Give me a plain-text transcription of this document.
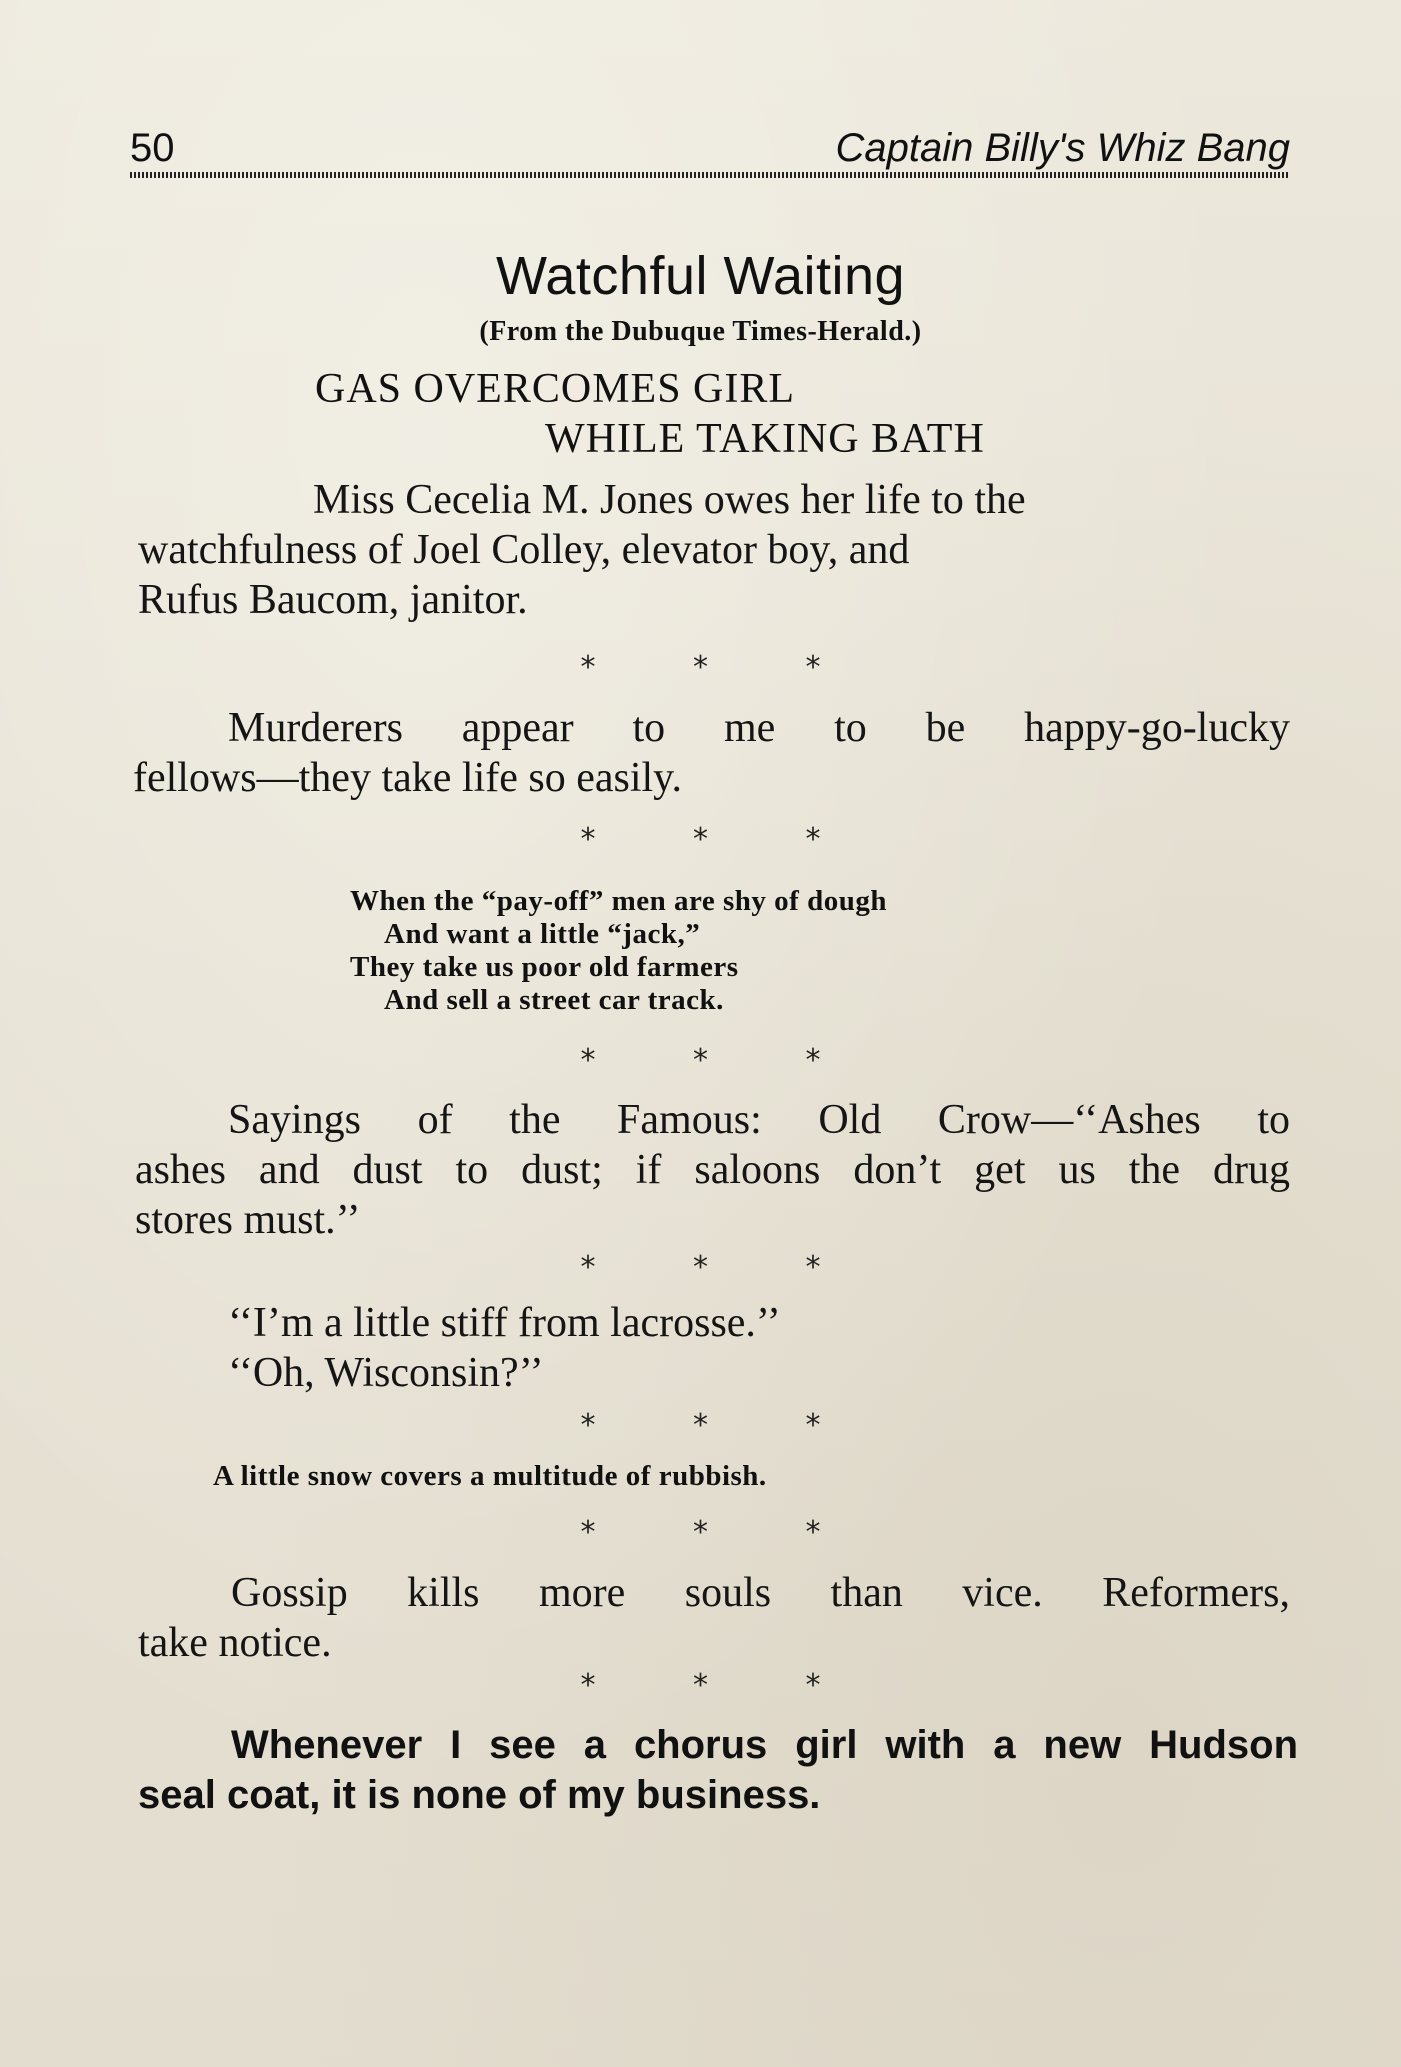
50	Captain Billy's Whiz Bang
Watchful Waiting
(From the Dubuque Times-Herald.)
GAS OVERCOMES GIRL
WHILE TAKING BATH
Miss Cecelia M. Jones owes her life to the
watchfulness of Joel Colley, elevator boy, and
Rufus Baucom, janitor.
* * *
Murderers appear to me to be happy-go-lucky
fellows—they take life so easily.
* * *
When the “pay-off” men are shy of dough
And want a little “jack,”
They take us poor old farmers
And sell a street car track.
* * *
Sayings of the Famous: Old Crow—‘‘Ashes to
ashes and dust to dust; if saloons don’t get us the drug
stores must.’’
* * *
‘‘I’m a little stiff from lacrosse.’’
‘‘Oh, Wisconsin?’’
* * *
A little snow covers a multitude of rubbish.
* * *
Gossip kills more souls than vice. Reformers,
take notice.
* * *
Whenever I see a chorus girl with a new Hudson
seal coat, it is none of my business.
